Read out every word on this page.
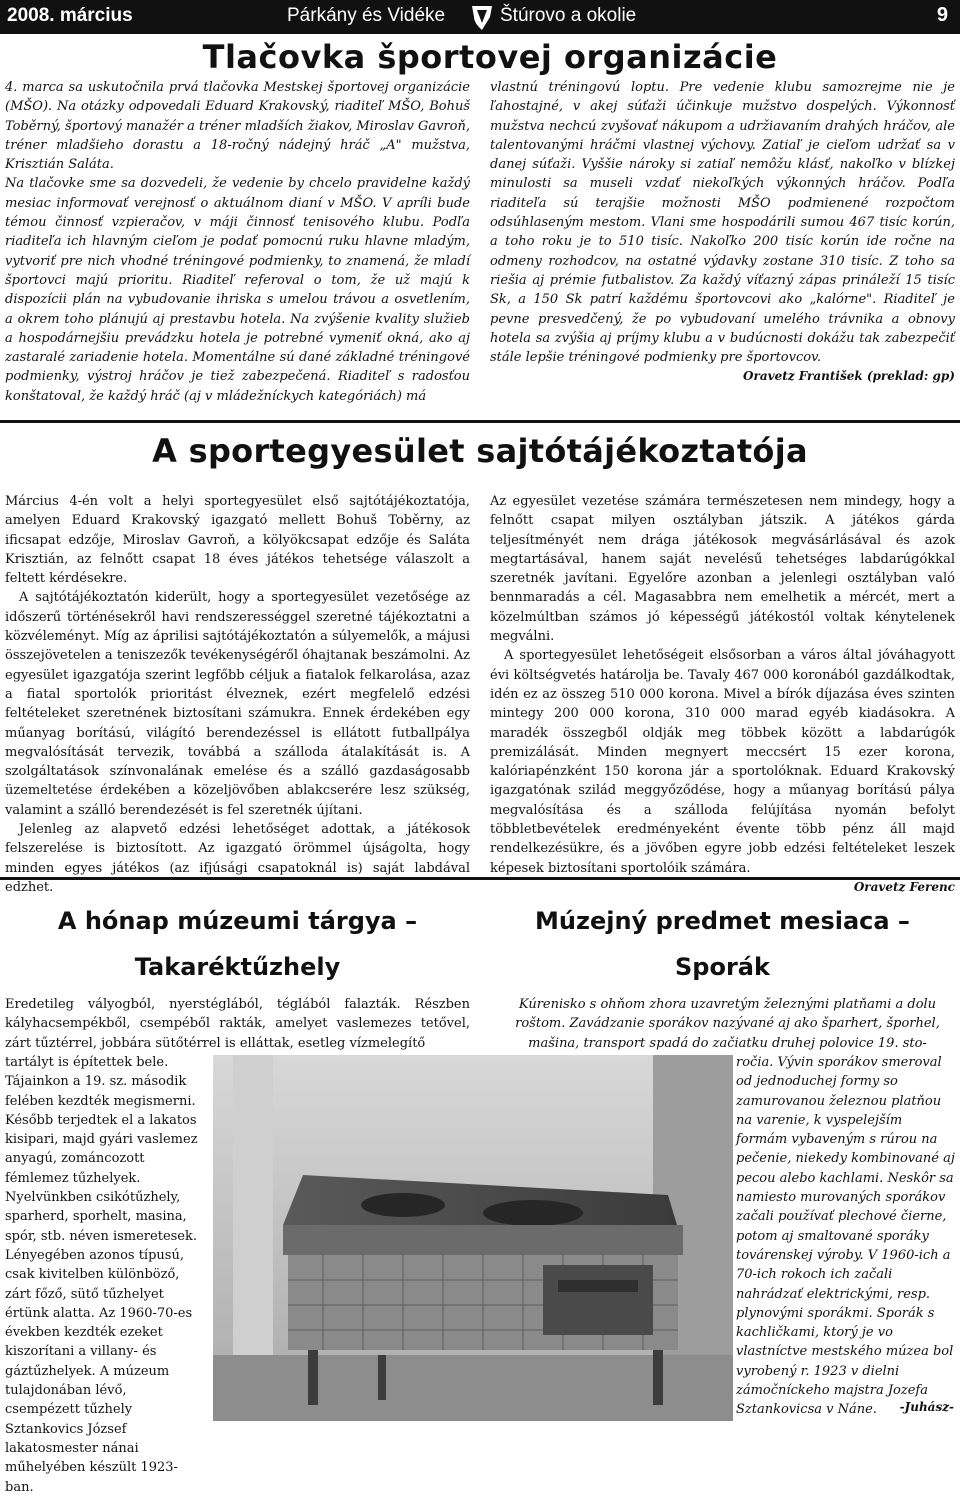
2008. március	Párkány és Vidéke	Štúrovo a okolie	9
Tlačovka športovej organizácie

4. marca sa uskutočnila prvá tlačovka Mestskej športovej organizácie (MŠO). Na otázky odpovedali Eduard Krakovský, riaditeľ MŠO, Bohuš Toběrný, športový manažér a tréner mladších žiakov, Miroslav Gavroň, tréner mladšieho dorastu a 18-ročný nádejný hráč „A" mužstva, Krisztián Saláta.

Na tlačovke sme sa dozvedeli, že vedenie by chcelo pravidelne každý mesiac informovať verejnosť o aktuálnom dianí v MŠO. V apríli bude témou činnosť vzpieračov, v máji činnosť tenisového klubu. Podľa riaditeľa ich hlavným cieľom je podať pomocnú ruku hlavne mladým, vytvoriť pre nich vhodné tréningové podmienky, to znamená, že mladí športovci majú prioritu. Riaditeľ referoval o tom, že už majú k dispozícii plán na vybudovanie ihriska s umelou trávou a osvetlením, a okrem toho plánujú aj prestavbu hotela. Na zvýšenie kvality služieb a hospodárnejšiu prevádzku hotela je potrebné vymeniť okná, ako aj zastaralé zariadenie hotela. Momentálne sú dané základné tréningové podmienky, výstroj hráčov je tiež zabezpečená. Riaditeľ s radosťou konštatoval, že každý hráč (aj v mládežníckych kategóriách) má

vlastnú tréningovú loptu. Pre vedenie klubu samozrejme nie je ľahostajné, v akej súťaži účinkuje mužstvo dospelých. Výkonnosť mužstva nechcú zvyšovať nákupom a udržiavaním drahých hráčov, ale talentovanými hráčmi vlastnej výchovy. Zatiaľ je cieľom udržať sa v danej súťaži. Vyššie nároky si zatiaľ nemôžu klásť, nakoľko v blízkej minulosti sa museli vzdať niekoľkých výkonných hráčov. Podľa riaditeľa sú terajšie možnosti MŠO podmienené rozpočtom odsúhlaseným mestom. Vlani sme hospodárili sumou 467 tisíc korún, a toho roku je to 510 tisíc. Nakoľko 200 tisíc korún ide ročne na odmeny rozhodcov, na ostatné výdavky zostane 310 tisíc. Z toho sa riešia aj prémie futbalistov. Za každý víťazný zápas prináleží 15 tisíc Sk, a 150 Sk patrí každému športovcovi ako „kalórne". Riaditeľ je pevne presvedčený, že po vybudovaní umelého trávnika a obnovy hotela sa zvýšia aj príjmy klubu a v budúcnosti dokážu tak zabezpečiť stále lepšie tréningové podmienky pre športovcov.

Oravetz František (preklad: gp)

A sportegyesület sajtótájékoztatója

Március 4-én volt a helyi sportegyesület első sajtótájékoztatója, amelyen Eduard Krakovský igazgató mellett Bohuš Toběrny, az ificsapat edzője, Miroslav Gavroň, a kölyökcsapat edzője és Saláta Krisztián, az felnőtt csapat 18 éves játékos tehetsége válaszolt a feltett kérdésekre.

A sajtótájékoztatón kiderült, hogy a sportegyesület vezetősége az időszerű történésekről havi rendszerességgel szeretné tájékoztatni a közvéleményt. Míg az áprilisi sajtótájékoztatón a súlyemelők, a májusi összejövetelen a teniszezők tevékenységéről óhajtanak beszámolni. Az egyesület igazgatója szerint legfőbb céljuk a fiatalok felkarolása, azaz a fiatal sportolók prioritást élveznek, ezért megfelelő edzési feltételeket szeretnének biztosítani számukra. Ennek érdekében egy műanyag borítású, világító berendezéssel is ellátott futballpálya megvalósítását tervezik, továbbá a szálloda átalakítását is. A szolgáltatások színvonalának emelése és a szálló gazdaságosabb üzemeltetése érdekében a közeljövőben ablakcserére lesz szükség, valamint a szálló berendezését is fel szeretnék újítani.

Jelenleg az alapvető edzési lehetőséget adottak, a játékosok felszerelése is biztosított. Az igazgató örömmel újságolta, hogy minden egyes játékos (az ifjúsági csapatoknál is) saját labdával edzhet.

Az egyesület vezetése számára természetesen nem mindegy, hogy a felnőtt csapat milyen osztályban játszik. A játékos gárda teljesítményét nem drága játékosok megvásárlásával és azok megtartásával, hanem saját nevelésű tehetséges labdarúgókkal szeretnék javítani. Egyelőre azonban a jelenlegi osztályban való bennmaradás a cél. Magasabbra nem emelhetik a mércét, mert a közelmúltban számos jó képességű játékostól voltak kénytelenek megválni.

A sportegyesület lehetőségeit elsősorban a város által jóváhagyott évi költségvetés határolja be. Tavaly 467 000 koronából gazdálkodtak, idén ez az összeg 510 000 korona. Mivel a bírók díjazása éves szinten mintegy 200 000 korona, 310 000 marad egyéb kiadásokra. A maradék összegből oldják meg többek között a labdarúgók premizálását. Minden megnyert meccsért 15 ezer korona, kalóriapénzként 150 korona jár a sportolóknak. Eduard Krakovský igazgatónak szilád meggyőződése, hogy a műanyag borítású pálya megvalósítása és a szálloda felújítása nyomán befolyt többletbevételek eredményeként évente több pénz áll majd rendelkezésükre, és a jövőben egyre jobb edzési feltételeket leszek képesek biztosítani sportolóik számára.

Oravetz Ferenc

A hónap múzeumi tárgya –
Takaréktűzhely
Múzejný predmet mesiaca –
Sporák
Eredetileg vályogból, nyerstéglából, téglából falazták. Részben kályhacsempékből, csempéből rakták, amelyet vaslemezes tetővel, zárt tűztérrel, jobbára sütőtérrel is elláttak, esetleg vízmelegítő
tartályt is építettek bele. Tájainkon a 19. sz. második felében kezdték megismerni. Később terjedtek el a lakatos kisipari, majd gyári vaslemez anyagú, zománcozott fémlemez tűzhelyek. Nyelvünkben csikótűzhely, sparherd, sporhelt, masina, spór, stb. néven ismeretesek. Lényegében azonos típusú, csak kivitelben különböző, zárt főző, sütő tűzhelyet értünk alatta. Az 1960-70-es években kezdték ezeket kiszorítani a villany- és gáztűzhelyek. A múzeum tulajdonában lévő, csempézett tűzhely Sztankovics József lakatosmester nánai műhelyében készült 1923-ban.
Kúrenisko s ohňom zhora uzavretým železnými platňami a dolu roštom. Zavádzanie sporákov nazývané aj ako šparhert, šporhel, mašina, transport spadá do začiatku druhej polovice 19. sto-
ročia. Vývin sporákov smeroval od jednoduchej formy so zamurovanou železnou platňou na varenie, k vyspelejším formám vybaveným s rúrou na pečenie, niekedy kombinované aj pecou alebo kachlami. Neskôr sa namiesto murovaných sporákov začali používať plechové čierne, potom aj smaltované sporáky továrenskej výroby. V 1960-ich a 70-ich rokoch ich začali nahrádzať elektrickými, resp. plynovými sporákmi. Sporák s kachličkami, ktorý je vo vlastníctve mestského múzea bol vyrobený r. 1923 v dielni zámočníckeho majstra Jozefa Sztankovicsa v Náne.	-Juhász-
